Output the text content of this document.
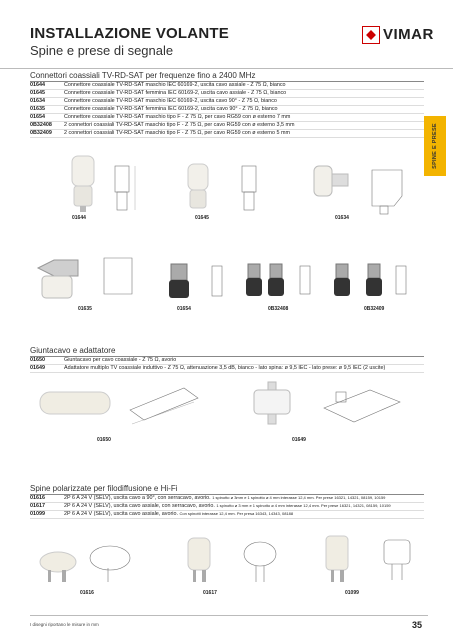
INSTALLAZIONE VOLANTE
Spine e prese di segnale
VIMAR
SPINE E PRESE
Connettori coassiali TV-RD-SAT per frequenze fino a 2400 MHz
01644	Connettore coassiale TV-RD-SAT maschio IEC 60169-2, uscita cavo assiale - Z 75 Ω, bianco
01645	Connettore coassiale TV-RD-SAT femmina IEC 60169-2, uscita cavo assiale - Z 75 Ω, bianco
01634	Connettore coassiale TV-RD-SAT maschio IEC 60169-2, uscita cavo 90° - Z 75 Ω, bianco
01635	Connettore coassiale TV-RD-SAT femmina IEC 60169-2, uscita cavo 90° - Z 75 Ω, bianco
01654	Connettore coassiale TV-RD-SAT maschio tipo F - Z 75 Ω, per cavo RG59 con ø esterno 7 mm
0B32408 2 connettori coassiali TV-RD-SAT maschio tipo F - Z 75 Ω, per cavo RG59 con ø esterno 3,5 mm
0B32409 2 connettori coassiali TV-RD-SAT maschio tipo F - Z 75 Ω, per cavo RG59 con ø esterno 5 mm
01644	01645	01634
01635	01654	0B32408	0B32409
Giuntacavo e adattatore
01650	Giuntacavo per cavo coassiale - Z 75 Ω, avorio
01649	Adattatore multiplo TV coassiale induttivo - Z 75 Ω, attenuazione 3,5 dB, bianco - lato spina: ø 9,5 IEC - lato prese: ø 9,5 IEC (2 uscite)
01650	01649
Spine polarizzate per filodiffusione e Hi-Fi
01616	2P 6 A 24 V (SELV), uscita cavo a 90°, con serracavo, avorio. 1 spinotto ø 3mm e 1 spinotto ø 4 mm interasse 12,4 mm. Per prese 16321, 14321, 08159, 10159
01617	2P 6 A 24 V (SELV), uscita cavo assiale, con serracavo, avorio. 1 spinotto ø 3 mm e 1 spinotto ø 4 mm interasse 12,4 mm. Per prese 16321, 14321, 08159, 10159
01099	2P 6 A 24 V (SELV), uscita cavo assiale, avorio. Con spinotti interasse 12,4 mm. Per presa 16343, 14343, 08188
01616	01617	01099
I disegni riportano le misure in mm	35
